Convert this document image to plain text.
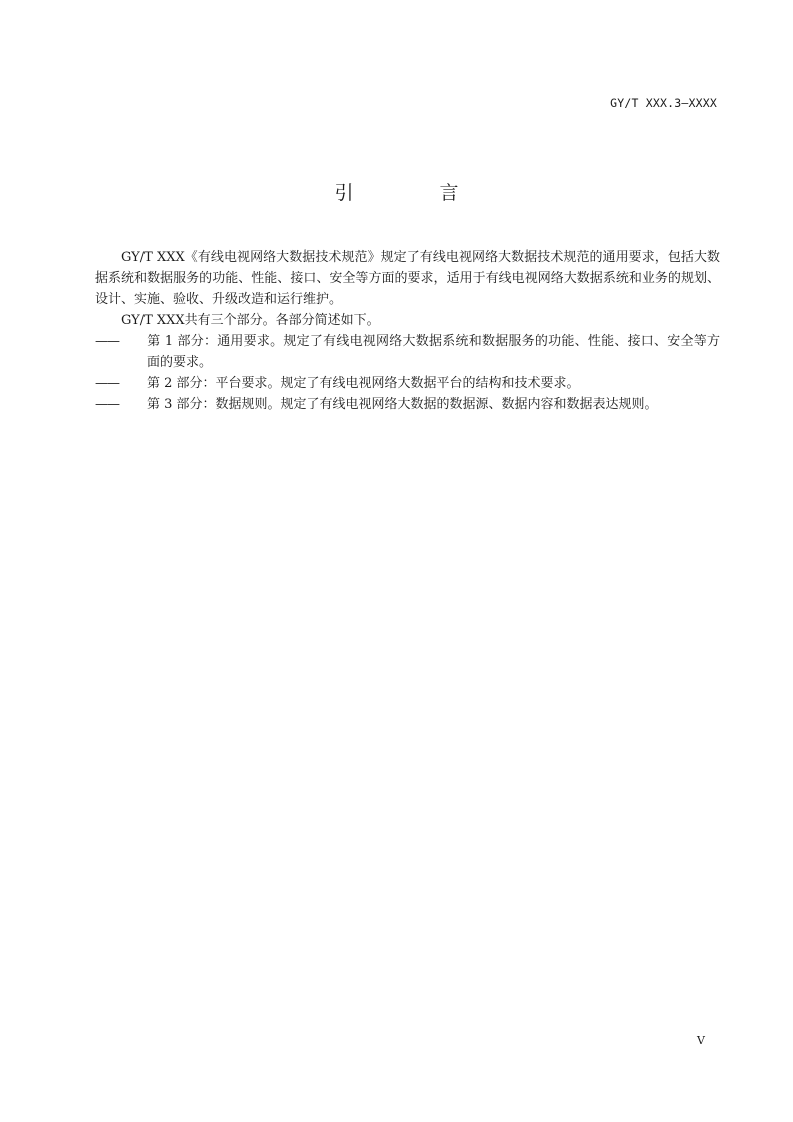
GY/T XXX.3—XXXX
引 言

GY/T XXX《有线电视网络大数据技术规范》规定了有线电视网络大数据技术规范的通用要求，包括大数据系统和数据服务的功能、性能、接口、安全等方面的要求，适用于有线电视网络大数据系统和业务的规划、设计、实施、验收、升级改造和运行维护。

GY/T XXX共有三个部分。各部分简述如下。

—— 第 1 部分：通用要求。规定了有线电视网络大数据系统和数据服务的功能、性能、接口、安全等方面的要求。

—— 第 2 部分：平台要求。规定了有线电视网络大数据平台的结构和技术要求。

—— 第 3 部分：数据规则。规定了有线电视网络大数据的数据源、数据内容和数据表达规则。

V
